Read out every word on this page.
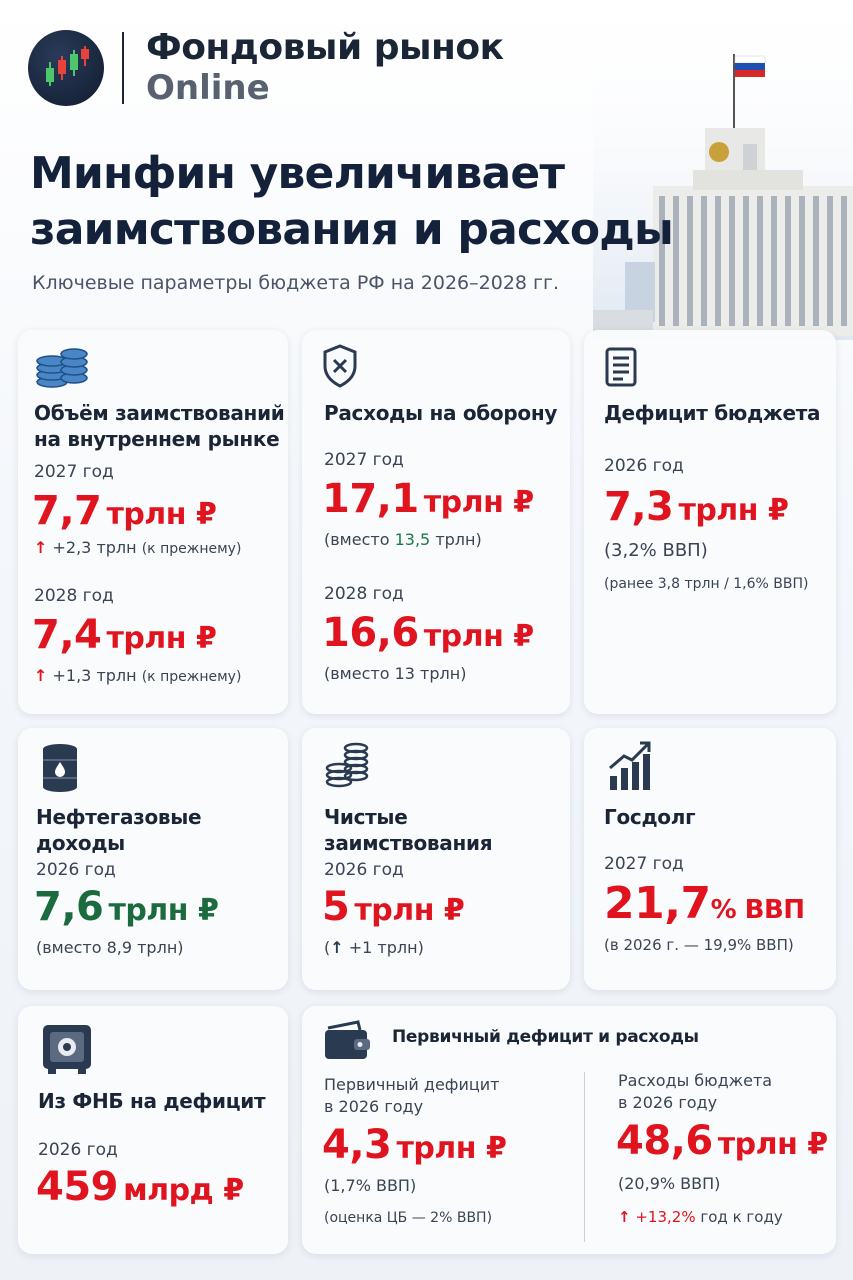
Фондовый рынок
Online
Минфин увеличивает
заимствования и расходы
Ключевые параметры бюджета РФ на 2026–2028 гг.
Объём заимствований
на внутреннем рынке
2027 год
7,7 трлн ₽
↑ +2,3 трлн (к прежнему)
2028 год
7,4 трлн ₽
↑ +1,3 трлн (к прежнему)
Расходы на оборону
2027 год
17,1 трлн ₽
(вместо 13,5 трлн)
2028 год
16,6 трлн ₽
(вместо 13 трлн)
Дефицит бюджета
2026 год
7,3 трлн ₽
(3,2% ВВП)
(ранее 3,8 трлн / 1,6% ВВП)
Нефтегазовые доходы
2026 год
7,6 трлн ₽
(вместо 8,9 трлн)
Чистые заимствования
2026 год
5 трлн ₽
(↑ +1 трлн)
Госдолг
2027 год
21,7% ВВП
(в 2026 г. — 19,9% ВВП)
Из ФНБ на дефицит
2026 год
459 млрд ₽
Первичный дефицит и расходы
Первичный дефицит
в 2026 году
4,3 трлн ₽
(1,7% ВВП)
(оценка ЦБ — 2% ВВП)
Расходы бюджета
в 2026 году
48,6 трлн ₽
(20,9% ВВП)
↑ +13,2% год к году
